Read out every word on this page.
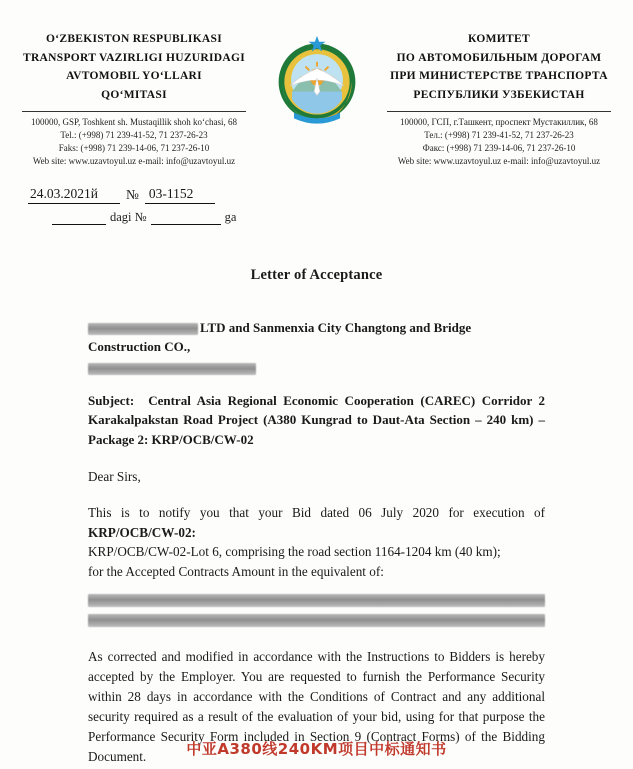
O‘ZBEKISTON RESPUBLIKASI
TRANSPORT VAZIRLIGI HUZURIDAGI
AVTOMOBIL YO‘LLARI
QO‘MITASI
100000, GSP, Toshkent sh. Mustaqillik shoh ko‘chasi, 68
Tel.: (+998) 71 239-41-52, 71 237-26-23
Faks: (+998) 71 239-14-06, 71 237-26-10
Web site: www.uzavtoyul.uz e-mail: info@uzavtoyul.uz
КОМИТЕТ
ПО АВТОМОБИЛЬНЫМ ДОРОГАМ
ПРИ МИНИСТЕРСТВЕ ТРАНСПОРТА
РЕСПУБЛИКИ УЗБЕКИСТАН
100000, ГСП, г.Ташкент, проспект Мустакиллик, 68
Тел.: (+998) 71 239-41-52, 71 237-26-23
Факс: (+998) 71 239-14-06, 71 237-26-10
Web site: www.uzavtoyul.uz e-mail: info@uzavtoyul.uz
24.03.2021й	№ 03-1152
dagi №	ga
Letter of Acceptance
LTD and Sanmenxia City Changtong and Bridge Construction CO.,
Subject: Central Asia Regional Economic Cooperation (CAREC) Corridor 2 Karakalpakstan Road Project (A380 Kungrad to Daut-Ata Section – 240 km) – Package 2: KRP/OCB/CW-02
Dear Sirs,
This is to notify you that your Bid dated 06 July 2020 for execution of KRP/OCB/CW-02:
KRP/OCB/CW-02-Lot 6, comprising the road section 1164-1204 km (40 km);
for the Accepted Contracts Amount in the equivalent of:
As corrected and modified in accordance with the Instructions to Bidders is hereby accepted by the Employer. You are requested to furnish the Performance Security within 28 days in accordance with the Conditions of Contract and any additional security required as a result of the evaluation of your bid, using for that purpose the Performance Security Form included in Section 9 (Contract Forms) of the Bidding Document.	中亚A380线240KM项目中标通知书
